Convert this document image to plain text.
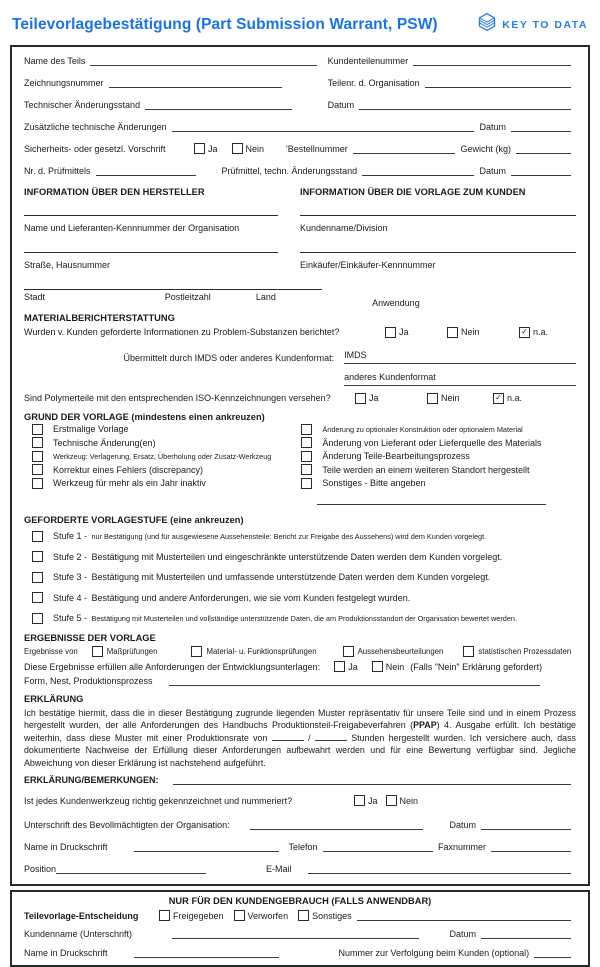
Teilevorlagebestätigung (Part Submission Warrant, PSW)	KEY TO DATA
Name des Teils	Kundenteilenummer
Zeichnungsnummer	Teilenr. d. Organisation
Technischer Änderungsstand	Datum
Zusätzliche technische Änderungen	Datum
Sicherheits- oder gesetzl. Vorschrift	Ja	Nein 'Bestellnummer	Gewicht (kg)
Nr. d. Prüfmittels	Prüfmittel, techn. Änderungsstand	Datum
INFORMATION ÜBER DEN HERSTELLER	INFORMATION ÜBER DIE VORLAGE ZUM KUNDEN
Name und Lieferanten-Kennnummer der Organisation	Kundenname/Division
Straße, Hausnummer	Einkäufer/Einkäufer-Kennnummer
Stadt	Postleitzahl	Land
Anwendung
MATERIALBERICHTERSTATTUNG
Wurden v. Kunden geforderte Informationen zu Problem-Substanzen berichtet?	Ja	Nein	✓ n.a.
Übermittelt durch IMDS oder anderes Kundenformat:	IMDS
anderes Kundenformat
Sind Polymerteile mit den entsprechenden ISO-Kennzeichnungen versehen?	Ja	Nein	✓ n.a.
GRUND DER VORLAGE (mindestens einen ankreuzen)
Erstmalige Vorlage
Technische Änderung(en)
Werkzeug: Verlagerung, Ersatz, Überholung oder Zusatz-Werkzeug
Korrektur eines Fehlers (discrepancy)
Werkzeug für mehr als ein Jahr inaktiv
Änderung zu optionaler Konstruktion oder optionalem Material
Änderung von Lieferant oder Lieferquelle des Materials
Änderung Teile-Bearbeitungsprozess
Teile werden an einem weiteren Standort hergestellt
Sonstiges - Bitte angeben
GEFORDERTE VORLAGESTUFE (eine ankreuzen)
Stufe 1 -
nur Bestätigung (und für ausgewiesene Aussehensteile: Bericht zur Freigabe des Aussehens) wird dem Kunden vorgelegt.
Stufe 2 -
Bestätigung mit Musterteilen und eingeschränkte unterstützende Daten werden dem Kunden vorgelegt.
Stufe 3 -
Bestätigung mit Musterteilen und umfassende unterstützende Daten werden dem Kunden vorgelegt.
Stufe 4 -
Bestätigung und andere Anforderungen, wie sie vom Kunden festgelegt wurden.
Stufe 5 -
Bestätigung mit Musterteilen und vollständige unterstützende Daten, die am Produktionsstandort der Organisation bewertet werden.
ERGEBNISSE DER VORLAGE
Ergebnisse von	Maßprüfungen	Material- u. Funktionsprüfungen	Aussehensbeurteilungen	statistischen Prozessdaten
Diese Ergebnisse erfüllen alle Anforderungen der Entwicklungsunterlagen:	Ja	Nein (Falls "Nein" Erklärung gefordert)
Form, Nest, Produktionsprozess
ERKLÄRUNG
Ich bestätige hiermit, dass die in dieser Bestätigung zugrunde liegenden Muster repräsentativ für unsere Teile sind und in einem Prozess hergestellt wurden, der alle Anforderungen des Handbuchs Produktionsteil-Freigabeverfahren (PPAP) 4. Ausgabe erfüllt. Ich bestätige weiterhin, dass diese Muster mit einer Produktionsrate von	/	Stunden hergestellt wurden. Ich versichere auch, dass dokumentierte Nachweise der Erfüllung dieser Anforderungen aufbewahrt werden und für eine Bewertung verfügbar sind. Jegliche Abweichung von dieser Erklärung ist nachstehend aufgeführt.
ERKLÄRUNG/BEMERKUNGEN:
Ist jedes Kundenwerkzeug richtig gekennzeichnet und nummeriert?	Ja Nein
Unterschrift des Bevollmächtigten der Organisation:	Datum
Name in Druckschrift	Telefon	Faxnummer
Position	E-Mail
NUR FÜR DEN KUNDENGEBRAUCH (FALLS ANWENDBAR)
Teilevorlage-Entscheidung	Freigegeben	Verworfen	Sonstiges
Kundenname (Unterschrift)	Datum
Name in Druckschrift	Nummer zur Verfolgung beim Kunden (optional)
